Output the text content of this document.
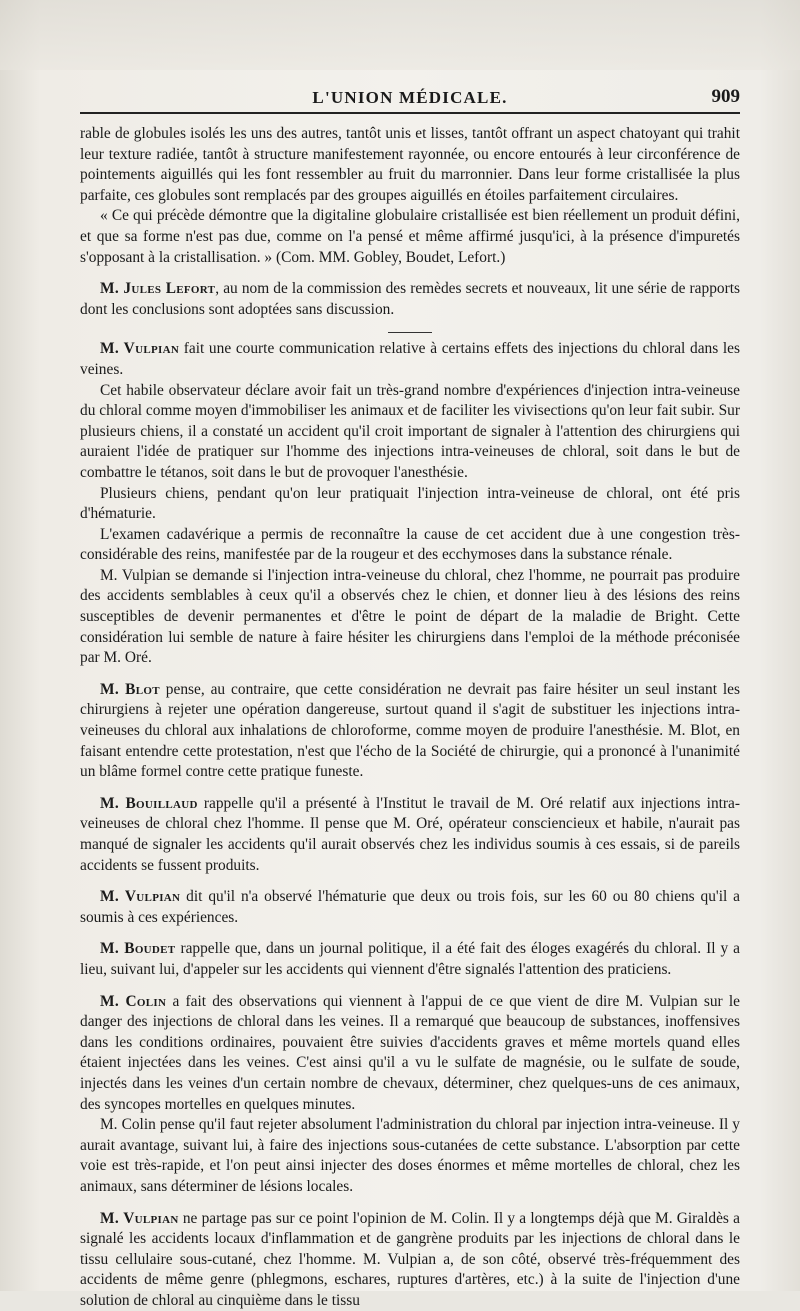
L'UNION MÉDICALE.	909

rable de globules isolés les uns des autres, tantôt unis et lisses, tantôt offrant un aspect chatoyant qui trahit leur texture radiée, tantôt à structure manifestement rayonnée, ou encore entourés à leur circonférence de pointements aiguillés qui les font ressembler au fruit du marronnier. Dans leur forme cristallisée la plus parfaite, ces globules sont remplacés par des groupes aiguillés en étoiles parfaitement circulaires.

« Ce qui précède démontre que la digitaline globulaire cristallisée est bien réellement un produit défini, et que sa forme n'est pas due, comme on l'a pensé et même affirmé jusqu'ici, à la présence d'impuretés s'opposant à la cristallisation. » (Com. MM. Gobley, Boudet, Lefort.)

M. Jules Lefort, au nom de la commission des remèdes secrets et nouveaux, lit une série de rapports dont les conclusions sont adoptées sans discussion.

M. Vulpian fait une courte communication relative à certains effets des injections du chloral dans les veines.

Cet habile observateur déclare avoir fait un très-grand nombre d'expériences d'injection intra-veineuse du chloral comme moyen d'immobiliser les animaux et de faciliter les vivisections qu'on leur fait subir. Sur plusieurs chiens, il a constaté un accident qu'il croit important de signaler à l'attention des chirurgiens qui auraient l'idée de pratiquer sur l'homme des injections intra-veineuses de chloral, soit dans le but de combattre le tétanos, soit dans le but de provoquer l'anesthésie.

Plusieurs chiens, pendant qu'on leur pratiquait l'injection intra-veineuse de chloral, ont été pris d'hématurie.

L'examen cadavérique a permis de reconnaître la cause de cet accident due à une congestion très-considérable des reins, manifestée par de la rougeur et des ecchymoses dans la substance rénale.

M. Vulpian se demande si l'injection intra-veineuse du chloral, chez l'homme, ne pourrait pas produire des accidents semblables à ceux qu'il a observés chez le chien, et donner lieu à des lésions des reins susceptibles de devenir permanentes et d'être le point de départ de la maladie de Bright. Cette considération lui semble de nature à faire hésiter les chirurgiens dans l'emploi de la méthode préconisée par M. Oré.

M. Blot pense, au contraire, que cette considération ne devrait pas faire hésiter un seul instant les chirurgiens à rejeter une opération dangereuse, surtout quand il s'agit de substituer les injections intra-veineuses du chloral aux inhalations de chloroforme, comme moyen de produire l'anesthésie. M. Blot, en faisant entendre cette protestation, n'est que l'écho de la Société de chirurgie, qui a prononcé à l'unanimité un blâme formel contre cette pratique funeste.

M. Bouillaud rappelle qu'il a présenté à l'Institut le travail de M. Oré relatif aux injections intra-veineuses de chloral chez l'homme. Il pense que M. Oré, opérateur consciencieux et habile, n'aurait pas manqué de signaler les accidents qu'il aurait observés chez les individus soumis à ces essais, si de pareils accidents se fussent produits.

M. Vulpian dit qu'il n'a observé l'hématurie que deux ou trois fois, sur les 60 ou 80 chiens qu'il a soumis à ces expériences.

M. Boudet rappelle que, dans un journal politique, il a été fait des éloges exagérés du chloral. Il y a lieu, suivant lui, d'appeler sur les accidents qui viennent d'être signalés l'attention des praticiens.

M. Colin a fait des observations qui viennent à l'appui de ce que vient de dire M. Vulpian sur le danger des injections de chloral dans les veines. Il a remarqué que beaucoup de substances, inoffensives dans les conditions ordinaires, pouvaient être suivies d'accidents graves et même mortels quand elles étaient injectées dans les veines. C'est ainsi qu'il a vu le sulfate de magnésie, ou le sulfate de soude, injectés dans les veines d'un certain nombre de chevaux, déterminer, chez quelques-uns de ces animaux, des syncopes mortelles en quelques minutes.

M. Colin pense qu'il faut rejeter absolument l'administration du chloral par injection intra-veineuse. Il y aurait avantage, suivant lui, à faire des injections sous-cutanées de cette substance. L'absorption par cette voie est très-rapide, et l'on peut ainsi injecter des doses énormes et même mortelles de chloral, chez les animaux, sans déterminer de lésions locales.

M. Vulpian ne partage pas sur ce point l'opinion de M. Colin. Il y a longtemps déjà que M. Giraldès a signalé les accidents locaux d'inflammation et de gangrène produits par les injections de chloral dans le tissu cellulaire sous-cutané, chez l'homme. M. Vulpian a, de son côté, observé très-fréquemment des accidents de même genre (phlegmons, eschares, ruptures d'artères, etc.) à la suite de l'injection d'une solution de chloral au cinquième dans le tissu
